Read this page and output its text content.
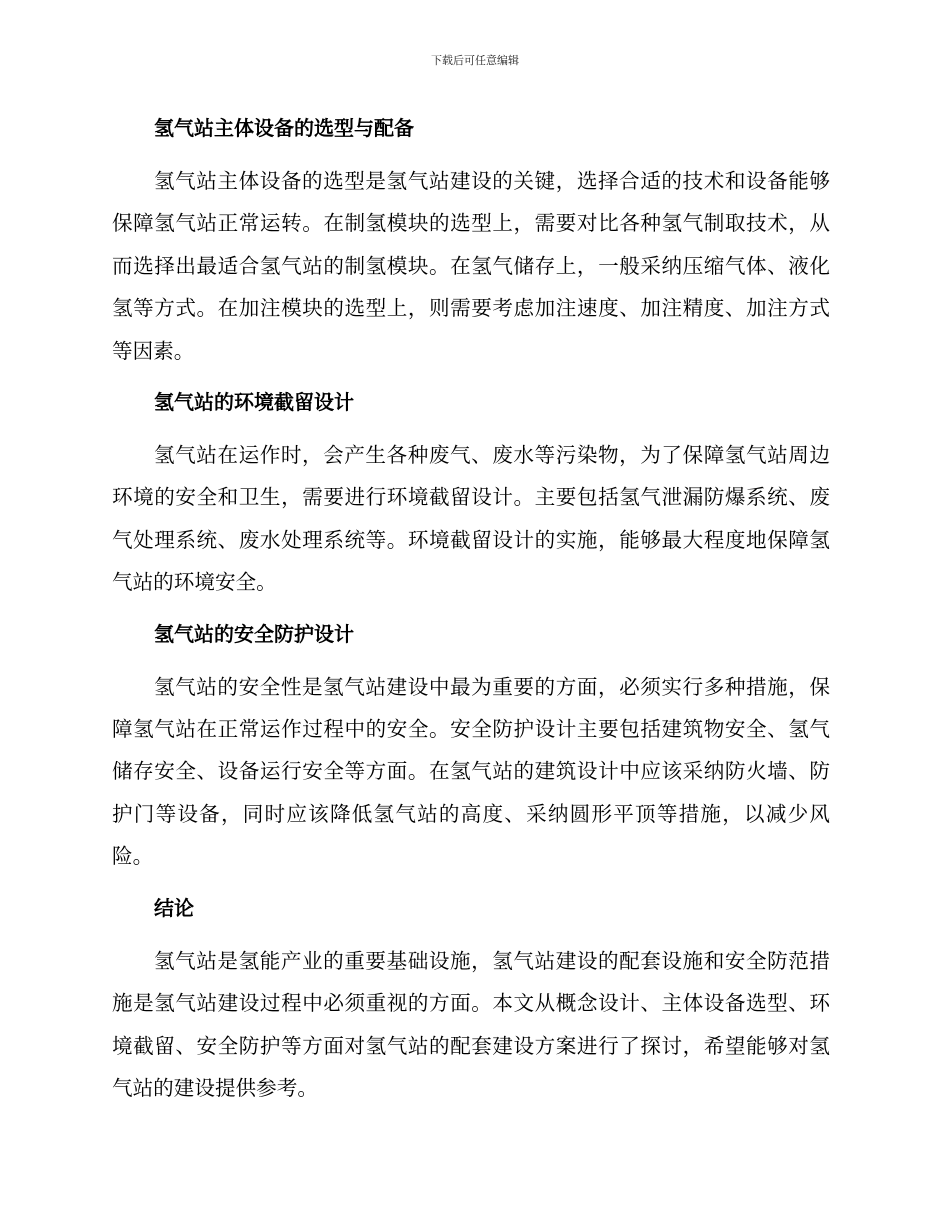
下载后可任意编辑
氢气站主体设备的选型与配备

氢气站主体设备的选型是氢气站建设的关键，选择合适的技术和设备能够保障氢气站正常运转。在制氢模块的选型上，需要对比各种氢气制取技术，从而选择出最适合氢气站的制氢模块。在氢气储存上，一般采纳压缩气体、液化氢等方式。在加注模块的选型上，则需要考虑加注速度、加注精度、加注方式等因素。

氢气站的环境截留设计

氢气站在运作时，会产生各种废气、废水等污染物，为了保障氢气站周边环境的安全和卫生，需要进行环境截留设计。主要包括氢气泄漏防爆系统、废气处理系统、废水处理系统等。环境截留设计的实施，能够最大程度地保障氢气站的环境安全。

氢气站的安全防护设计

氢气站的安全性是氢气站建设中最为重要的方面，必须实行多种措施，保障氢气站在正常运作过程中的安全。安全防护设计主要包括建筑物安全、氢气储存安全、设备运行安全等方面。在氢气站的建筑设计中应该采纳防火墙、防护门等设备，同时应该降低氢气站的高度、采纳圆形平顶等措施，以减少风险。

结论

氢气站是氢能产业的重要基础设施，氢气站建设的配套设施和安全防范措施是氢气站建设过程中必须重视的方面。本文从概念设计、主体设备选型、环境截留、安全防护等方面对氢气站的配套建设方案进行了探讨，希望能够对氢气站的建设提供参考。
